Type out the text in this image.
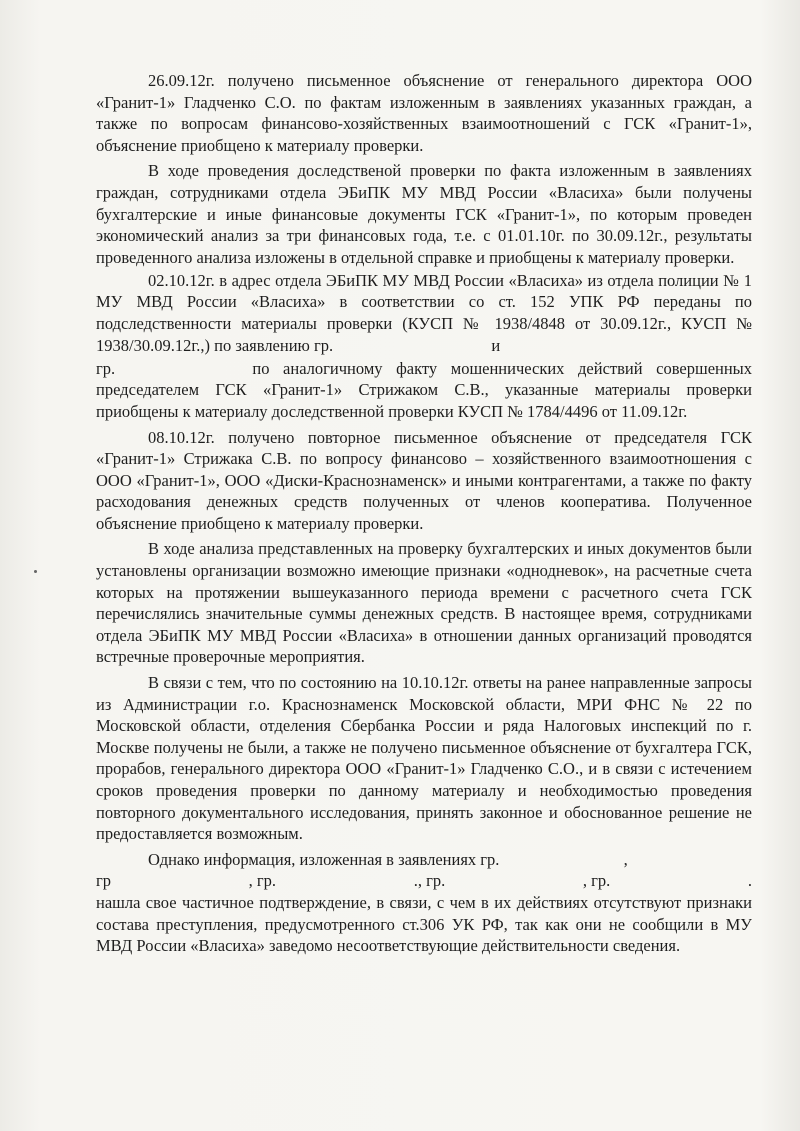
26.09.12г. получено письменное объяснение от генерального директора ООО «Гранит-1» Гладченко С.О. по фактам изложенным в заявлениях указанных граждан, а также по вопросам финансово-хозяйственных взаимоотношений с ГСК «Гранит-1», объяснение приобщено к материалу проверки.

В ходе проведения доследственой проверки по факта изложенным в заявлениях граждан, сотрудниками отдела ЭБиПК МУ МВД России «Власиха» были получены бухгалтерские и иные финансовые документы ГСК «Гранит-1», по которым проведен экономический анализ за три финансовых года, т.е. с 01.01.10г. по 30.09.12г., результаты проведенного анализа изложены в отдельной справке и приобщены к материалу проверки.

02.10.12г. в адрес отдела ЭБиПК МУ МВД России «Власиха» из отдела полиции № 1 МУ МВД России «Власиха» в соответствии со ст. 152 УПК РФ переданы по подследственности материалы проверки (КУСП № 1938/4848 от 30.09.12г., КУСП № 1938/30.09.12г.,) по заявлению гр.	и

гр.	по аналогичному факту мошеннических действий совершенных председателем ГСК «Гранит-1» Стрижаком С.В., указанные материалы проверки приобщены к материалу доследственной проверки КУСП № 1784/4496 от 11.09.12г.

08.10.12г. получено повторное письменное объяснение от председателя ГСК «Гранит-1» Стрижака С.В. по вопросу финансово – хозяйственного взаимоотношения с ООО «Гранит-1», ООО «Диски-Краснознаменск» и иными контрагентами, а также по факту расходования денежных средств полученных от членов кооператива. Полученное объяснение приобщено к материалу проверки.

В ходе анализа представленных на проверку бухгалтерских и иных документов были установлены организации возможно имеющие признаки «однодневок», на расчетные счета которых на протяжении вышеуказанного периода времени с расчетного счета ГСК перечислялись значительные суммы денежных средств. В настоящее время, сотрудниками отдела ЭБиПК МУ МВД России «Власиха» в отношении данных организаций проводятся встречные проверочные мероприятия.

В связи с тем, что по состоянию на 10.10.12г. ответы на ранее направленные запросы из Администрации г.о. Краснознаменск Московской области, МРИ ФНС № 22 по Московской области, отделения Сбербанка России и ряда Налоговых инспекций по г. Москве получены не были, а также не получено письменное объяснение от бухгалтера ГСК, прорабов, генерального директора ООО «Гранит-1» Гладченко С.О., и в связи с истечением сроков проведения проверки по данному материалу и необходимостью проведения повторного документального исследования, принять законное и обоснованное решение не предоставляется возможным.

Однако информация, изложенная в заявлениях гр.	,

гр	, гр.	., гр.	, гр.	.

нашла свое частичное подтверждение, в связи, с чем в их действиях отсутствуют признаки состава преступления, предусмотренного ст.306 УК РФ, так как они не сообщили в МУ МВД России «Власиха» заведомо несоответствующие действительности сведения.
